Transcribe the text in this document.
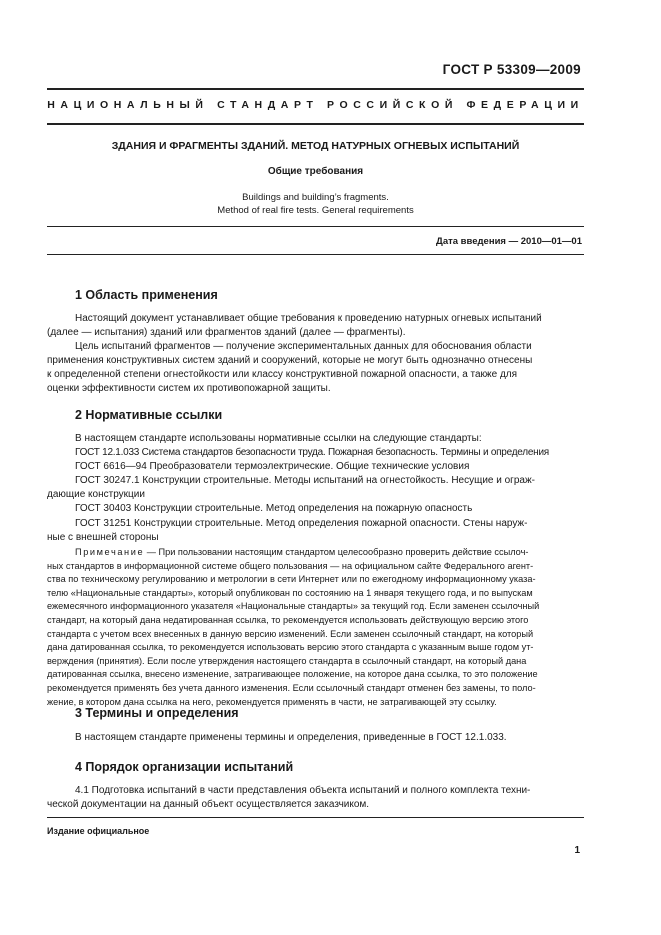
ГОСТ Р 53309—2009
НАЦИОНАЛЬНЫЙ СТАНДАРТ РОССИЙСКОЙ ФЕДЕРАЦИИ
ЗДАНИЯ И ФРАГМЕНТЫ ЗДАНИЙ. МЕТОД НАТУРНЫХ ОГНЕВЫХ ИСПЫТАНИЙ
Общие требования
Buildings and building’s fragments.
Method of real fire tests. General requirements
Дата введения — 2010—01—01
1 Область применения
Настоящий документ устанавливает общие требования к проведению натурных огневых испытаний
(далее — испытания) зданий или фрагментов зданий (далее — фрагменты).
Цель испытаний фрагментов — получение экспериментальных данных для обоснования области
применения конструктивных систем зданий и сооружений, которые не могут быть однозначно отнесены
к определенной степени огнестойкости или классу конструктивной пожарной опасности, а также для
оценки эффективности систем их противопожарной защиты.
2 Нормативные ссылки
В настоящем стандарте использованы нормативные ссылки на следующие стандарты:
ГОСТ 12.1.033 Система стандартов безопасности труда. Пожарная безопасность. Термины и определения
ГОСТ 6616—94 Преобразователи термоэлектрические. Общие технические условия
ГОСТ 30247.1 Конструкции строительные. Методы испытаний на огнестойкость. Несущие и ограж-
дающие конструкции
ГОСТ 30403 Конструкции строительные. Метод определения на пожарную опасность
ГОСТ 31251 Конструкции строительные. Метод определения пожарной опасности. Стены наруж-
ные с внешней стороны
Примечание — При пользовании настоящим стандартом целесообразно проверить действие ссылоч-
ных стандартов в информационной системе общего пользования — на официальном сайте Федерального агент-
ства по техническому регулированию и метрологии в сети Интернет или по ежегодному информационному указа-
телю «Национальные стандарты», который опубликован по состоянию на 1 января текущего года, и по выпускам
ежемесячного информационного указателя «Национальные стандарты» за текущий год. Если заменен ссылочный
стандарт, на который дана недатированная ссылка, то рекомендуется использовать действующую версию этого
стандарта с учетом всех внесенных в данную версию изменений. Если заменен ссылочный стандарт, на который
дана датированная ссылка, то рекомендуется использовать версию этого стандарта с указанным выше годом ут-
верждения (принятия). Если после утверждения настоящего стандарта в ссылочный стандарт, на который дана
датированная ссылка, внесено изменение, затрагивающее положение, на которое дана ссылка, то это положение
рекомендуется применять без учета данного изменения. Если ссылочный стандарт отменен без замены, то поло-
жение, в котором дана ссылка на него, рекомендуется применять в части, не затрагивающей эту ссылку.
3 Термины и определения
В настоящем стандарте применены термины и определения, приведенные в ГОСТ 12.1.033.
4 Порядок организации испытаний
4.1 Подготовка испытаний в части представления объекта испытаний и полного комплекта техни-
ческой документации на данный объект осуществляется заказчиком.
Издание официальное
1
